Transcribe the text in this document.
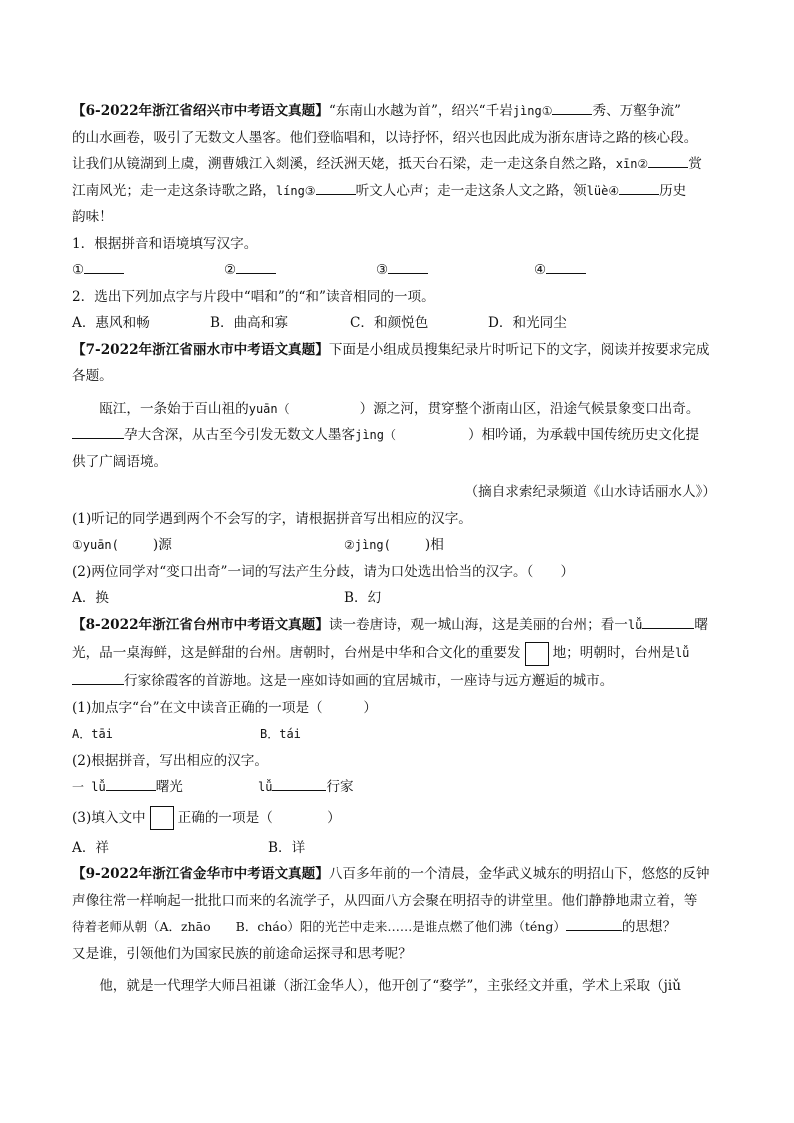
【6-2022年浙江省绍兴市中考语文真题】“东南山水越为首”，绍兴“千岩jìng①	秀、万壑争流”

的山水画卷，吸引了无数文人墨客。他们登临唱和，以诗抒怀，绍兴也因此成为浙东唐诗之路的核心段。

让我们从镜湖到上虞，溯曹娥江入剡溪，经沃洲天姥，抵天台石梁，走一走这条自然之路，xīn②	赏

江南风光；走一走这条诗歌之路，líng③	听文人心声；走一走这条人文之路，领lüè④	历史

韵味！

1．根据拼音和语境填写汉字。

①	②	③	④

2．选出下列加点字与片段中“唱和”的“和”读音相同的一项。

A．惠风和畅	B．曲高和寡	C．和颜悦色	D．和光同尘

【7-2022年浙江省丽水市中考语文真题】下面是小组成员搜集纪录片时听记下的文字，阅读并按要求完成

各题。

瓯江，一条始于百山祖的yuān（	）源之河，贯穿整个浙南山区，沿途气候景象变口出奇。

孕大含深，从古至今引发无数文人墨客jìng（	）相吟诵，为承载中国传统历史文化提

供了广阔语境。

（摘自求索纪录频道《山水诗话丽水人》）

(1)听记的同学遇到两个不会写的字，请根据拼音写出相应的汉字。

①yuān(	)源	②jìng(	)相

(2)两位同学对“变口出奇”一词的写法产生分歧，请为口处选出恰当的汉字。（　　）

A．换	B．幻

【8-2022年浙江省台州市中考语文真题】读一卷唐诗，观一城山海，这是美丽的台州；看一lǚ	曙

光，品一桌海鲜，这是鲜甜的台州。唐朝时，台州是中华和合文化的重要发 地；明朝时，台州是lǚ

行家徐霞客的首游地。这是一座如诗如画的宜居城市，一座诗与远方邂逅的城市。

(1)加点字“台”在文中读音正确的一项是（　　　）

A．tāi	B．tái

(2)根据拼音，写出相应的汉字。

一 lǚ	曙光	lǚ	行家

(3)填入文中 正确的一项是（　　　　）

A．祥	B．详

【9-2022年浙江省金华市中考语文真题】八百多年前的一个清晨，金华武义城东的明招山下，悠悠的反钟

声像往常一样响起一批批口而来的名流学子，从四面八方会聚在明招寺的讲堂里。他们静静地肃立着，等

待着老师从朝（A．zhāo　　B．cháo）阳的光芒中走来……是谁点燃了他们沸（téng）	的思想？

又是谁，引领他们为国家民族的前途命运探寻和思考呢？

他，就是一代理学大师吕祖谦（浙江金华人），他开创了“婺学”，主张经文并重，学术上采取（jiǔ
